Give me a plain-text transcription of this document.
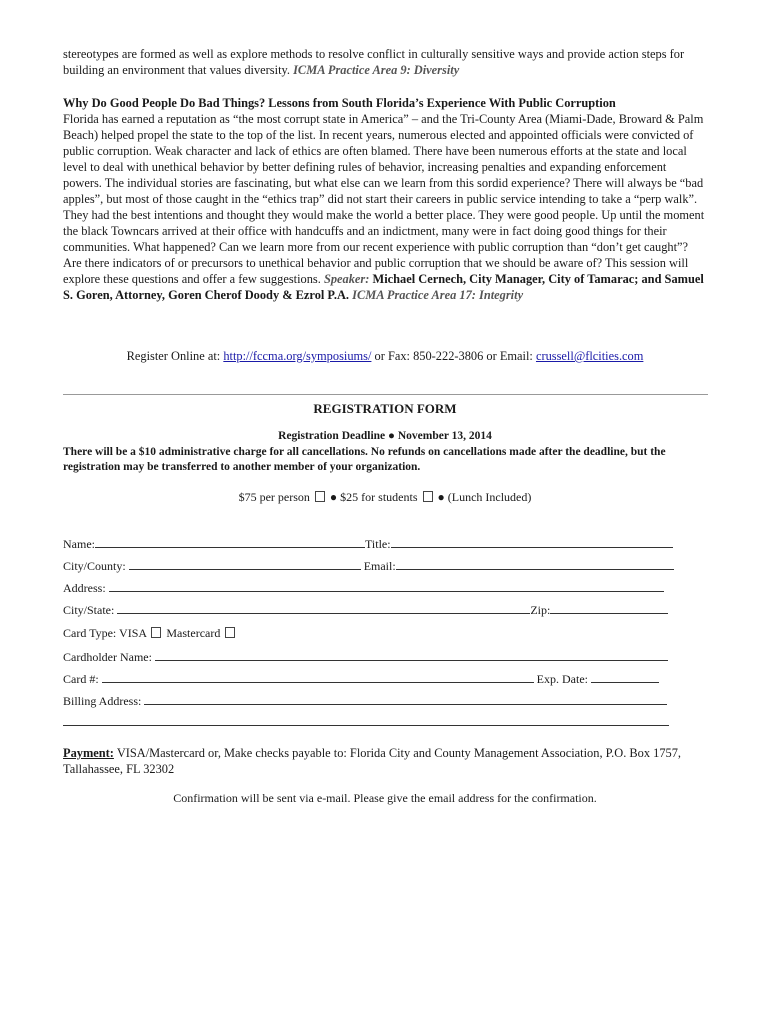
stereotypes are formed as well as explore methods to resolve conflict in culturally sensitive ways and provide action steps for building an environment that values diversity. ICMA Practice Area 9: Diversity
Why Do Good People Do Bad Things? Lessons from South Florida’s Experience With Public Corruption
Florida has earned a reputation as “the most corrupt state in America” – and the Tri-County Area (Miami-Dade, Broward & Palm Beach) helped propel the state to the top of the list. In recent years, numerous elected and appointed officials were convicted of public corruption. Weak character and lack of ethics are often blamed. There have been numerous efforts at the state and local level to deal with unethical behavior by better defining rules of behavior, increasing penalties and expanding enforcement powers. The individual stories are fascinating, but what else can we learn from this sordid experience? There will always be “bad apples”, but most of those caught in the “ethics trap” did not start their careers in public service intending to take a “perp walk”. They had the best intentions and thought they would make the world a better place. They were good people. Up until the moment the black Towncars arrived at their office with handcuffs and an indictment, many were in fact doing good things for their communities. What happened? Can we learn more from our recent experience with public corruption than “don’t get caught”? Are there indicators of or precursors to unethical behavior and public corruption that we should be aware of? This session will explore these questions and offer a few suggestions. Speaker: Michael Cernech, City Manager, City of Tamarac; and Samuel S. Goren, Attorney, Goren Cherof Doody & Ezrol P.A. ICMA Practice Area 17: Integrity
Register Online at: http://fccma.org/symposiums/ or Fax: 850-222-3806 or Email: crussell@flcities.com
REGISTRATION FORM
Registration Deadline ● November 13, 2014
There will be a $10 administrative charge for all cancellations. No refunds on cancellations made after the deadline, but the registration may be transferred to another member of your organization.
$75 per person ● $25 for students ● (Lunch Included)
Name:	Title:
City/County:	Email:
Address:
City/State:	Zip:
Card Type: VISA Mastercard
Cardholder Name:
Card #:	Exp. Date:
Billing Address:
Payment: VISA/Mastercard or, Make checks payable to: Florida City and County Management Association, P.O. Box 1757, Tallahassee, FL 32302
Confirmation will be sent via e-mail. Please give the email address for the confirmation.
